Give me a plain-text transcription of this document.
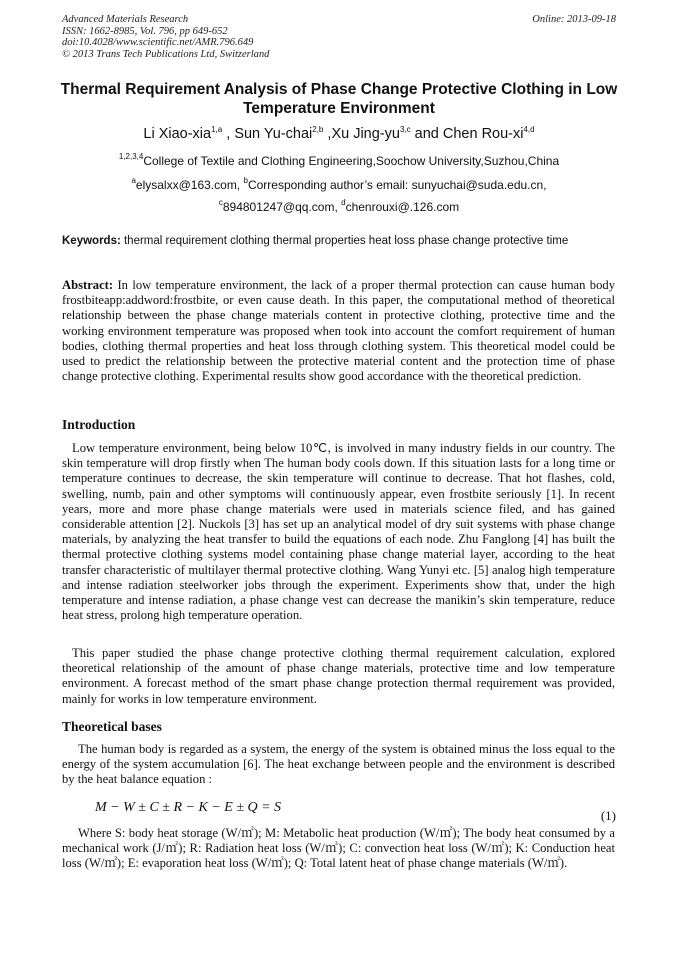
Advanced Materials Research
ISSN: 1662-8985, Vol. 796, pp 649-652
doi:10.4028/www.scientific.net/AMR.796.649
© 2013 Trans Tech Publications Ltd, Switzerland
Online: 2013-09-18
Thermal Requirement Analysis of Phase Change Protective Clothing in Low Temperature Environment
Li Xiao-xia$^{1,a}$ , Sun Yu-chai$^{2,b}$ ,Xu Jing-yu$^{3,c}$ and Chen Rou-xi$^{4,d}$
$^{1,2,3,4}$College of Textile and Clothing Engineering,Soochow University,Suzhou,China
$^a$elysalxx@163.com, $^b$Corresponding author’s email: sunyuchai@suda.edu.cn,
$^c$894801247@qq.com, $^d$chenrouxi@.126.com
Keywords: thermal requirement clothing thermal properties heat loss phase change protective time
Abstract: In low temperature environment, the lack of a proper thermal protection can cause human body frostbiteapp:addword:frostbite, or even cause death. In this paper, the computational method of theoretical relationship between the phase change materials content in protective clothing, protective time and the working environment temperature was proposed when took into account the comfort requirement of human bodies, clothing thermal properties and heat loss through clothing system. This theoretical model could be used to predict the relationship between the protective material content and the protection time of phase change protective clothing. Experimental results show good accordance with the theoretical prediction.
Introduction
Low temperature environment, being below 10℃, is involved in many industry fields in our country. The skin temperature will drop firstly when The human body cools down. If this situation lasts for a long time or temperature continues to decrease, the skin temperature will continue to decrease. That hot flashes, cold, swelling, numb, pain and other symptoms will continuously appear, even frostbite seriously [1]. In recent years, more and more phase change materials were used in materials science filed, and has gained considerable attention [2]. Nuckols [3] has set up an analytical model of dry suit systems with phase change materials, by analyzing the heat transfer to build the equations of each node. Zhu Fanglong [4] has built the thermal protective clothing systems model containing phase change material layer, according to the heat transfer characteristic of multilayer thermal protective clothing. Wang Yunyi etc. [5] analog high temperature and intense radiation steelworker jobs through the experiment. Experiments show that, under the high temperature and intense radiation, a phase change vest can decrease the manikin’s skin temperature, reduce heat stress, prolong high temperature operation.
This paper studied the phase change protective clothing thermal requirement calculation, explored theoretical relationship of the amount of phase change materials, protective time and low temperature environment. A forecast method of the smart phase change protection thermal requirement was provided, mainly for works in low temperature environment.
Theoretical bases
The human body is regarded as a system, the energy of the system is obtained minus the loss equal to the energy of the system accumulation [6]. The heat exchange between people and the environment is described by the heat balance equation :
M − W ± C ± R − K − E ± Q = S
(1)
Where S: body heat storage (W/㎡); M: Metabolic heat production (W/㎡); The body heat consumed by a mechanical work (J/㎡); R: Radiation heat loss (W/㎡); C: convection heat loss (W/㎡); K: Conduction heat loss (W/㎡); E: evaporation heat loss (W/㎡); Q: Total latent heat of phase change materials (W/㎡).
